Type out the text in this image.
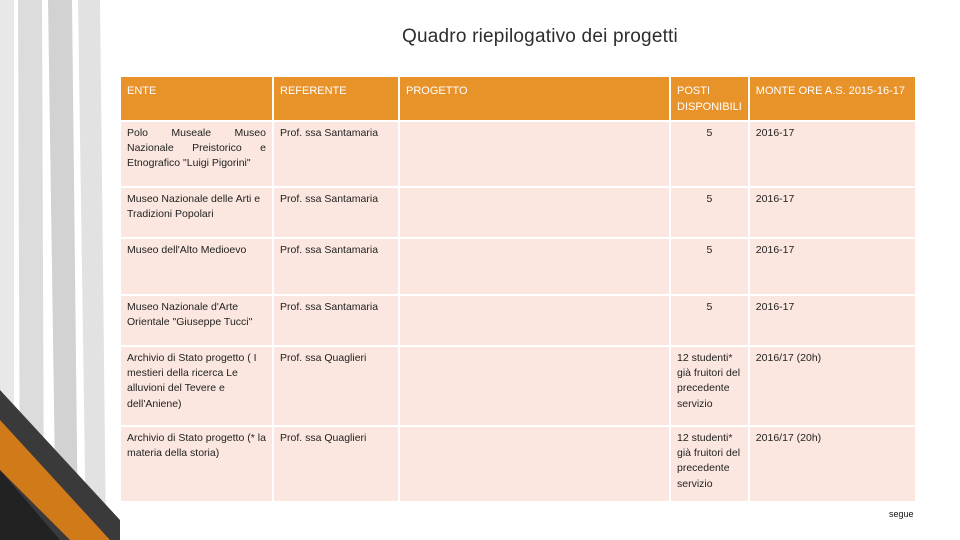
Quadro riepilogativo dei progetti
ENTE	REFERENTE	PROGETTO	POSTI DISPONIBILI	MONTE ORE A.S. 2015-16-17
Polo Museale Museo Nazionale Preistorico e Etnografico "Luigi Pigorini"	Prof. ssa Santamaria		5	2016-17
Museo Nazionale delle Arti e Tradizioni Popolari	Prof. ssa Santamaria		5	2016-17
Museo dell'Alto Medioevo	Prof. ssa Santamaria		5	2016-17
Museo Nazionale d'Arte Orientale "Giuseppe Tucci"	Prof. ssa Santamaria		5	2016-17
Archivio di Stato progetto ( I mestieri della ricerca Le alluvioni del Tevere e dell'Aniene)	Prof. ssa Quaglieri		12 studenti* già fruitori del precedente servizio	2016/17 (20h)
Archivio di Stato progetto (* la materia della storia)	Prof. ssa Quaglieri		12 studenti* già fruitori del precedente servizio	2016/17 (20h)
segue
